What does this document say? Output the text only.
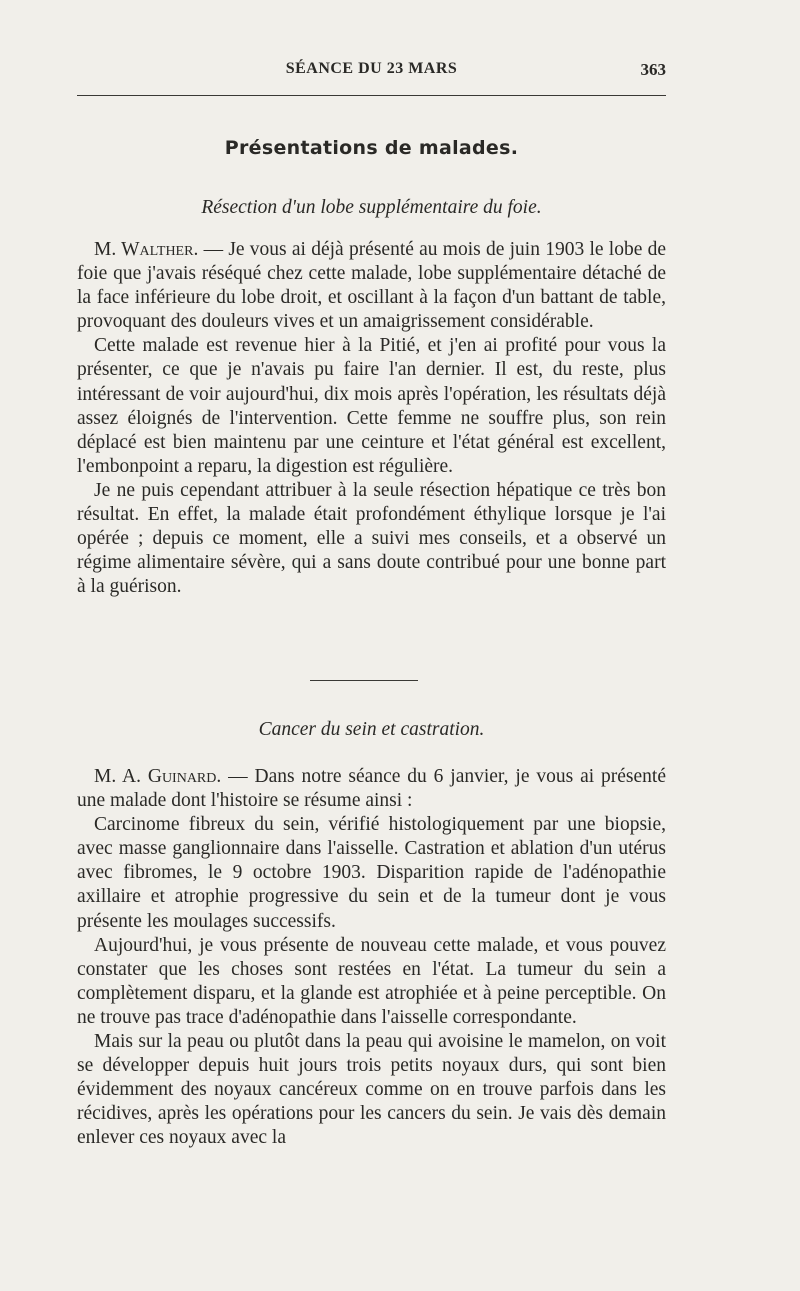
SÉANCE DU 23 MARS	363
Présentations de malades.
Résection d'un lobe supplémentaire du foie.

M. Walther. — Je vous ai déjà présenté au mois de juin 1903 le lobe de foie que j'avais réséqué chez cette malade, lobe supplémentaire détaché de la face inférieure du lobe droit, et oscillant à la façon d'un battant de table, provoquant des douleurs vives et un amaigrissement considérable.

Cette malade est revenue hier à la Pitié, et j'en ai profité pour vous la présenter, ce que je n'avais pu faire l'an dernier. Il est, du reste, plus intéressant de voir aujourd'hui, dix mois après l'opération, les résultats déjà assez éloignés de l'intervention. Cette femme ne souffre plus, son rein déplacé est bien maintenu par une ceinture et l'état général est excellent, l'embonpoint a reparu, la digestion est régulière.

Je ne puis cependant attribuer à la seule résection hépatique ce très bon résultat. En effet, la malade était profondément éthylique lorsque je l'ai opérée ; depuis ce moment, elle a suivi mes conseils, et a observé un régime alimentaire sévère, qui a sans doute contribué pour une bonne part à la guérison.

Cancer du sein et castration.

M. A. Guinard. — Dans notre séance du 6 janvier, je vous ai présenté une malade dont l'histoire se résume ainsi :

Carcinome fibreux du sein, vérifié histologiquement par une biopsie, avec masse ganglionnaire dans l'aisselle. Castration et ablation d'un utérus avec fibromes, le 9 octobre 1903. Disparition rapide de l'adénopathie axillaire et atrophie progressive du sein et de la tumeur dont je vous présente les moulages successifs.

Aujourd'hui, je vous présente de nouveau cette malade, et vous pouvez constater que les choses sont restées en l'état. La tumeur du sein a complètement disparu, et la glande est atrophiée et à peine perceptible. On ne trouve pas trace d'adénopathie dans l'aisselle correspondante.

Mais sur la peau ou plutôt dans la peau qui avoisine le mamelon, on voit se développer depuis huit jours trois petits noyaux durs, qui sont bien évidemment des noyaux cancéreux comme on en trouve parfois dans les récidives, après les opérations pour les cancers du sein. Je vais dès demain enlever ces noyaux avec la
